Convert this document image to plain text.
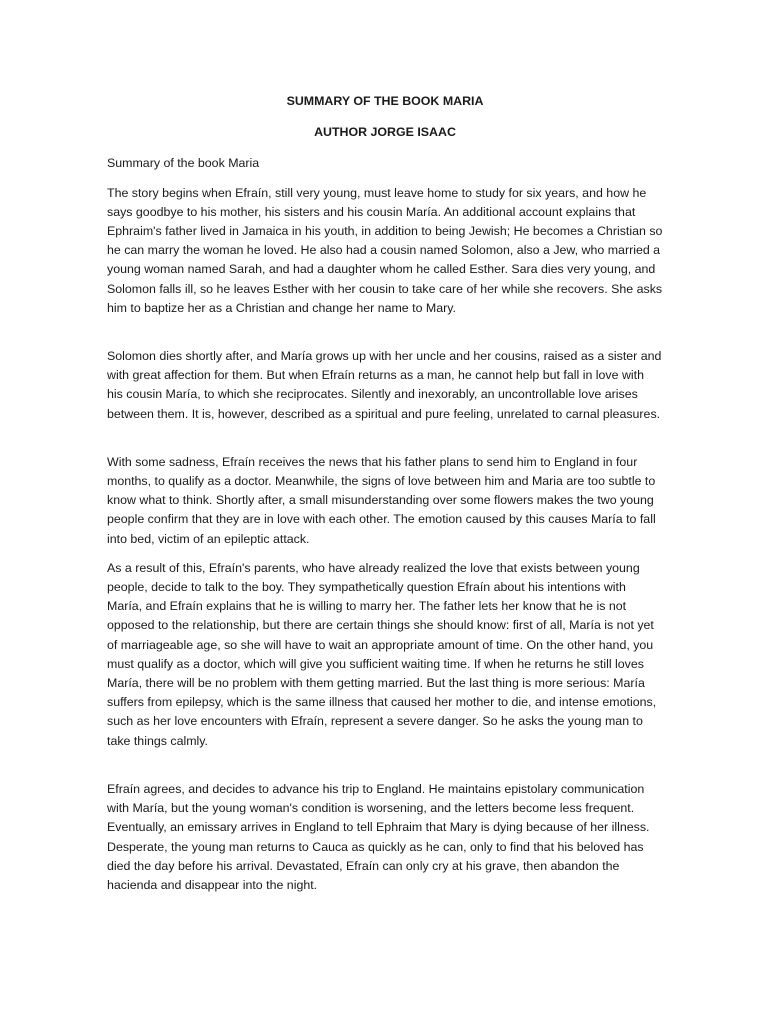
SUMMARY OF THE BOOK MARIA

AUTHOR JORGE ISAAC

Summary of the book Maria

The story begins when Efraín, still very young, must leave home to study for six years, and how he says goodbye to his mother, his sisters and his cousin María. An additional account explains that Ephraim's father lived in Jamaica in his youth, in addition to being Jewish; He becomes a Christian so he can marry the woman he loved. He also had a cousin named Solomon, also a Jew, who married a young woman named Sarah, and had a daughter whom he called Esther. Sara dies very young, and Solomon falls ill, so he leaves Esther with her cousin to take care of her while she recovers. She asks him to baptize her as a Christian and change her name to Mary.

Solomon dies shortly after, and María grows up with her uncle and her cousins, raised as a sister and with great affection for them. But when Efraín returns as a man, he cannot help but fall in love with his cousin María, to which she reciprocates. Silently and inexorably, an uncontrollable love arises between them. It is, however, described as a spiritual and pure feeling, unrelated to carnal pleasures.

With some sadness, Efraín receives the news that his father plans to send him to England in four months, to qualify as a doctor. Meanwhile, the signs of love between him and Maria are too subtle to know what to think. Shortly after, a small misunderstanding over some flowers makes the two young people confirm that they are in love with each other. The emotion caused by this causes María to fall into bed, victim of an epileptic attack.

As a result of this, Efraín's parents, who have already realized the love that exists between young people, decide to talk to the boy. They sympathetically question Efraín about his intentions with María, and Efraín explains that he is willing to marry her. The father lets her know that he is not opposed to the relationship, but there are certain things she should know: first of all, María is not yet of marriageable age, so she will have to wait an appropriate amount of time. On the other hand, you must qualify as a doctor, which will give you sufficient waiting time. If when he returns he still loves María, there will be no problem with them getting married. But the last thing is more serious: María suffers from epilepsy, which is the same illness that caused her mother to die, and intense emotions, such as her love encounters with Efraín, represent a severe danger. So he asks the young man to take things calmly.

Efraín agrees, and decides to advance his trip to England. He maintains epistolary communication with María, but the young woman's condition is worsening, and the letters become less frequent. Eventually, an emissary arrives in England to tell Ephraim that Mary is dying because of her illness. Desperate, the young man returns to Cauca as quickly as he can, only to find that his beloved has died the day before his arrival. Devastated, Efraín can only cry at his grave, then abandon the hacienda and disappear into the night.
